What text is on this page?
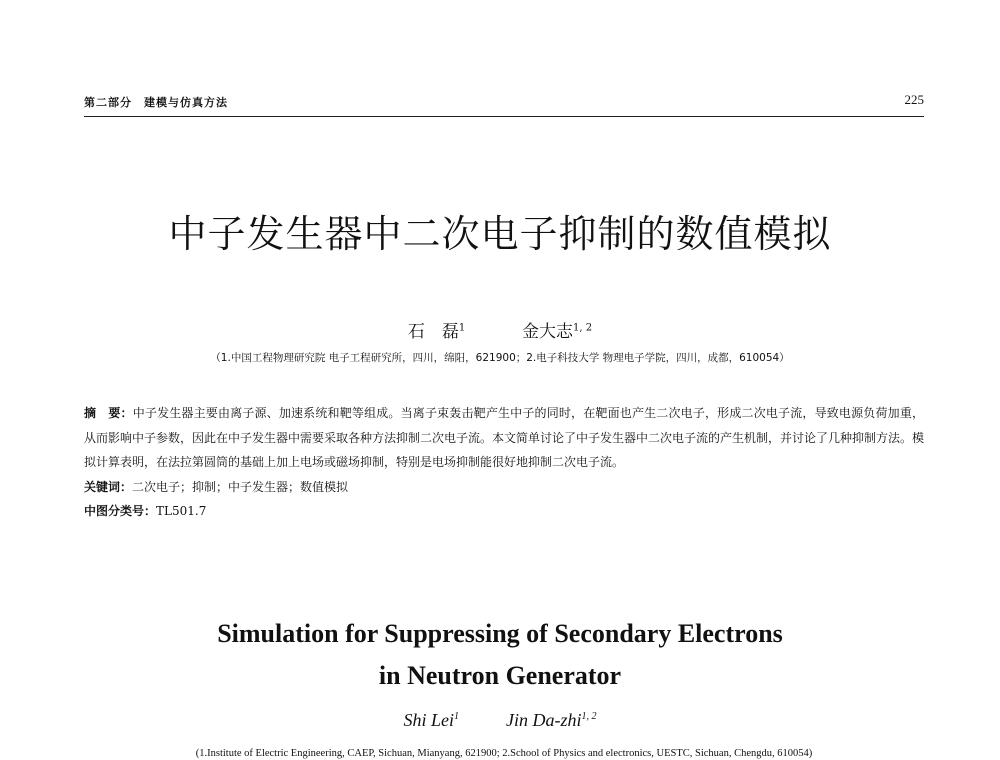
第二部分　建模与仿真方法	225
中子发生器中二次电子抑制的数值模拟
石　磊$^1$	金大志$^{1, 2}$
（1.中国工程物理研究院 电子工程研究所，四川，绵阳，621900；2.电子科技大学 物理电子学院，四川，成都，610054）

摘　要：中子发生器主要由离子源、加速系统和靶等组成。当离子束轰击靶产生中子的同时，在靶面也产生二次电子，形成二次电子流，导致电源负荷加重，从而影响中子参数，因此在中子发生器中需要采取各种方法抑制二次电子流。本文简单讨论了中子发生器中二次电子流的产生机制，并讨论了几种抑制方法。模拟计算表明，在法拉第圆筒的基础上加上电场或磁场抑制，特别是电场抑制能很好地抑制二次电子流。

关键词：二次电子；抑制；中子发生器；数值模拟

中图分类号：TL501.7

Simulation for Suppressing of Secondary Electrons
in Neutron Generator
Shi Lei$^1$	Jin Da-zhi$^{1, 2}$
(1.Institute of Electric Engineering, CAEP, Sichuan, Mianyang, 621900; 2.School of Physics and electronics, UESTC, Sichuan, Chengdu, 610054)
